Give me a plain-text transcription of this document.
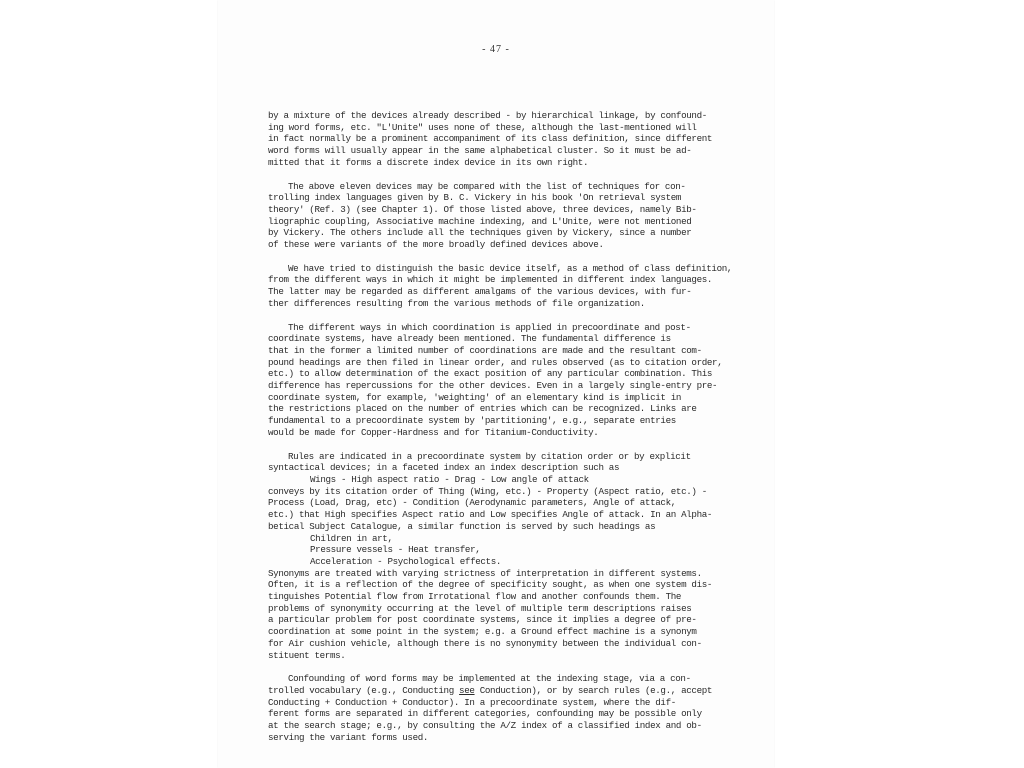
- 47 -
by a mixture of the devices already described - by hierarchical linkage, by confound-
ing word forms, etc. "L'Unite" uses none of these, although the last-mentioned will
in fact normally be a prominent accompaniment of its class definition, since different
word forms will usually appear in the same alphabetical cluster. So it must be ad-
mitted that it forms a discrete index device in its own right.
The above eleven devices may be compared with the list of techniques for con-
trolling index languages given by B. C. Vickery in his book 'On retrieval system
theory' (Ref. 3) (see Chapter 1). Of those listed above, three devices, namely Bib-
liographic coupling, Associative machine indexing, and L'Unite, were not mentioned
by Vickery. The others include all the techniques given by Vickery, since a number
of these were variants of the more broadly defined devices above.
We have tried to distinguish the basic device itself, as a method of class definition,
from the different ways in which it might be implemented in different index languages.
The latter may be regarded as different amalgams of the various devices, with fur-
ther differences resulting from the various methods of file organization.
The different ways in which coordination is applied in precoordinate and post-
coordinate systems, have already been mentioned. The fundamental difference is
that in the former a limited number of coordinations are made and the resultant com-
pound headings are then filed in linear order, and rules observed (as to citation order,
etc.) to allow determination of the exact position of any particular combination. This
difference has repercussions for the other devices. Even in a largely single-entry pre-
coordinate system, for example, 'weighting' of an elementary kind is implicit in
the restrictions placed on the number of entries which can be recognized. Links are
fundamental to a precoordinate system by 'partitioning', e.g., separate entries
would be made for Copper-Hardness and for Titanium-Conductivity.
Rules are indicated in a precoordinate system by citation order or by explicit
syntactical devices; in a faceted index an index description such as
Wings - High aspect ratio - Drag - Low angle of attack
conveys by its citation order of Thing (Wing, etc.) - Property (Aspect ratio, etc.) -
Process (Load, Drag, etc) - Condition (Aerodynamic parameters, Angle of attack,
etc.) that High specifies Aspect ratio and Low specifies Angle of attack. In an Alpha-
betical Subject Catalogue, a similar function is served by such headings as
Children in art,
Pressure vessels - Heat transfer,
Acceleration - Psychological effects.
Synonyms are treated with varying strictness of interpretation in different systems.
Often, it is a reflection of the degree of specificity sought, as when one system dis-
tinguishes Potential flow from Irrotational flow and another confounds them. The
problems of synonymity occurring at the level of multiple term descriptions raises
a particular problem for post coordinate systems, since it implies a degree of pre-
coordination at some point in the system; e.g. a Ground effect machine is a synonym
for Air cushion vehicle, although there is no synonymity between the individual con-
stituent terms.
Confounding of word forms may be implemented at the indexing stage, via a con-
trolled vocabulary (e.g., Conducting see Conduction), or by search rules (e.g., accept
Conducting + Conduction + Conductor). In a precoordinate system, where the dif-
ferent forms are separated in different categories, confounding may be possible only
at the search stage; e.g., by consulting the A/Z index of a classified index and ob-
serving the variant forms used.
